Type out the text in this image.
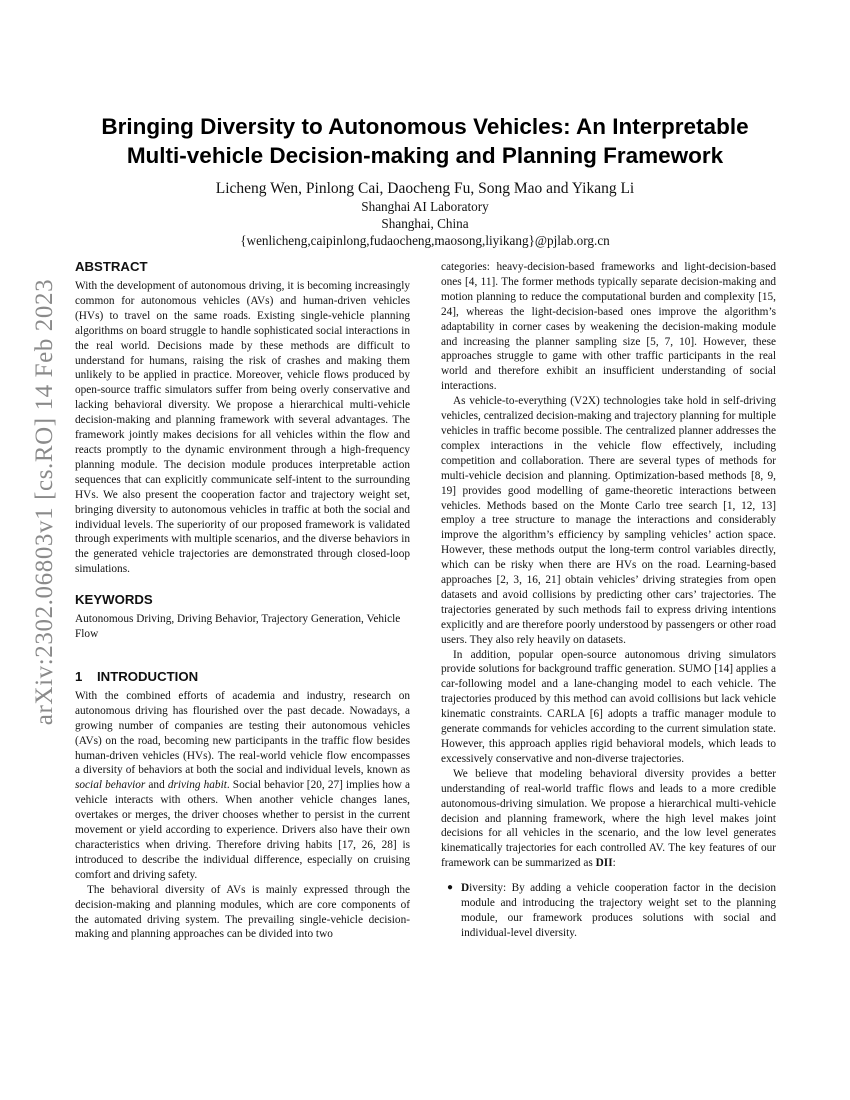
arXiv:2302.06803v1 [cs.RO] 14 Feb 2023
Bringing Diversity to Autonomous Vehicles: An Interpretable
Multi-vehicle Decision-making and Planning Framework
Licheng Wen, Pinlong Cai, Daocheng Fu, Song Mao and Yikang Li
Shanghai AI Laboratory
Shanghai, China
{wenlicheng,caipinlong,fudaocheng,maosong,liyikang}@pjlab.org.cn
ABSTRACT

With the development of autonomous driving, it is becoming increasingly common for autonomous vehicles (AVs) and human-driven vehicles (HVs) to travel on the same roads. Existing single-vehicle planning algorithms on board struggle to handle sophisticated social interactions in the real world. Decisions made by these methods are difficult to understand for humans, raising the risk of crashes and making them unlikely to be applied in practice. Moreover, vehicle flows produced by open-source traffic simulators suffer from being overly conservative and lacking behavioral diversity. We propose a hierarchical multi-vehicle decision-making and planning framework with several advantages. The framework jointly makes decisions for all vehicles within the flow and reacts promptly to the dynamic environment through a high-frequency planning module. The decision module produces interpretable action sequences that can explicitly communicate self-intent to the surrounding HVs. We also present the cooperation factor and trajectory weight set, bringing diversity to autonomous vehicles in traffic at both the social and individual levels. The superiority of our proposed framework is validated through experiments with multiple scenarios, and the diverse behaviors in the generated vehicle trajectories are demonstrated through closed-loop simulations.

KEYWORDS

Autonomous Driving, Driving Behavior, Trajectory Generation, Vehicle Flow

1 INTRODUCTION

With the combined efforts of academia and industry, research on autonomous driving has flourished over the past decade. Nowadays, a growing number of companies are testing their autonomous vehicles (AVs) on the road, becoming new participants in the traffic flow besides human-driven vehicles (HVs). The real-world vehicle flow encompasses a diversity of behaviors at both the social and individual levels, known as social behavior and driving habit. Social behavior [20, 27] implies how a vehicle interacts with others. When another vehicle changes lanes, overtakes or merges, the driver chooses whether to persist in the current movement or yield according to experience. Drivers also have their own characteristics when driving. Therefore driving habits [17, 26, 28] is introduced to describe the individual difference, especially on cruising comfort and driving safety.

The behavioral diversity of AVs is mainly expressed through the decision-making and planning modules, which are core components of the automated driving system. The prevailing single-vehicle decision-making and planning approaches can be divided into two

categories: heavy-decision-based frameworks and light-decision-based ones [4, 11]. The former methods typically separate decision-making and motion planning to reduce the computational burden and complexity [15, 24], whereas the light-decision-based ones improve the algorithm’s adaptability in corner cases by weakening the decision-making module and increasing the planner sampling size [5, 7, 10]. However, these approaches struggle to game with other traffic participants in the real world and therefore exhibit an insufficient understanding of social interactions.

As vehicle-to-everything (V2X) technologies take hold in self-driving vehicles, centralized decision-making and trajectory planning for multiple vehicles in traffic become possible. The centralized planner addresses the complex interactions in the vehicle flow effectively, including competition and collaboration. There are several types of methods for multi-vehicle decision and planning. Optimization-based methods [8, 9, 19] provides good modelling of game-theoretic interactions between vehicles. Methods based on the Monte Carlo tree search [1, 12, 13] employ a tree structure to manage the interactions and considerably improve the algorithm’s efficiency by sampling vehicles’ action space. However, these methods output the long-term control variables directly, which can be risky when there are HVs on the road. Learning-based approaches [2, 3, 16, 21] obtain vehicles’ driving strategies from open datasets and avoid collisions by predicting other cars’ trajectories. The trajectories generated by such methods fail to express driving intentions explicitly and are therefore poorly understood by passengers or other road users. They also rely heavily on datasets.

In addition, popular open-source autonomous driving simulators provide solutions for background traffic generation. SUMO [14] applies a car-following model and a lane-changing model to each vehicle. The trajectories produced by this method can avoid collisions but lack vehicle kinematic constraints. CARLA [6] adopts a traffic manager module to generate commands for vehicles according to the current simulation state. However, this approach applies rigid behavioral models, which leads to excessively conservative and non-diverse trajectories.

We believe that modeling behavioral diversity provides a better understanding of real-world traffic flows and leads to a more credible autonomous-driving simulation. We propose a hierarchical multi-vehicle decision and planning framework, where the high level makes joint decisions for all vehicles in the scenario, and the low level generates kinematically trajectories for each controlled AV. The key features of our framework can be summarized as DII:

● Diversity: By adding a vehicle cooperation factor in the decision module and introducing the trajectory weight set to the planning module, our framework produces solutions with social and individual-level diversity.
